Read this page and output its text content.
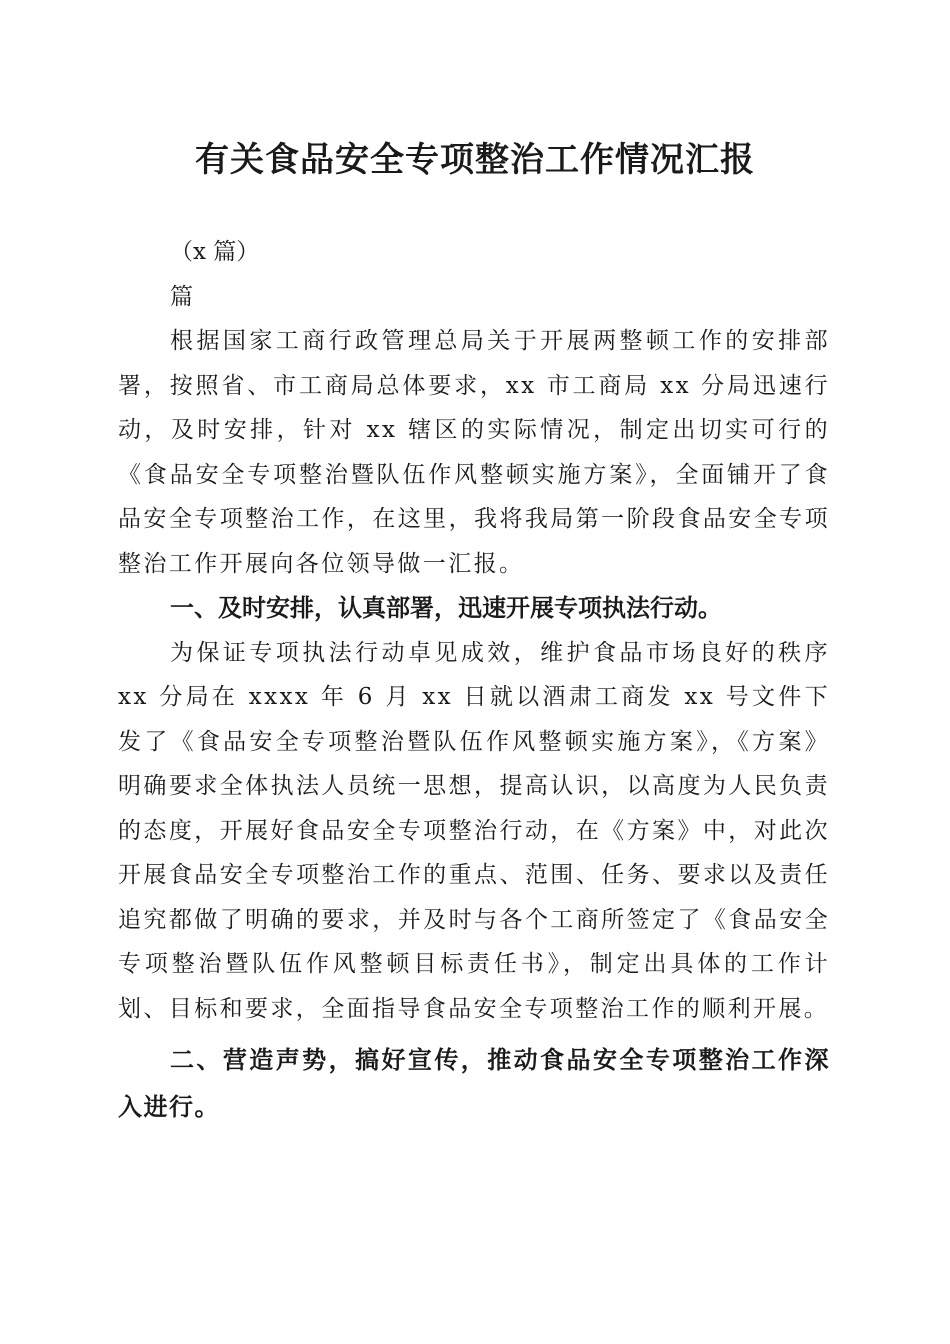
有关食品安全专项整治工作情况汇报

（x 篇）

篇

根据国家工商行政管理总局关于开展两整顿工作的安排部署，按照省、市工商局总体要求，xx 市工商局 xx 分局迅速行动，及时安排，针对 xx 辖区的实际情况，制定出切实可行的《食品安全专项整治暨队伍作风整顿实施方案》，全面铺开了食品安全专项整治工作，在这里，我将我局第一阶段食品安全专项整治工作开展向各位领导做一汇报。

一、及时安排，认真部署，迅速开展专项执法行动。

为保证专项执法行动卓见成效，维护食品市场良好的秩序 xx 分局在 xxxx 年 6 月 xx 日就以酒肃工商发 xx 号文件下发了《食品安全专项整治暨队伍作风整顿实施方案》，《方案》明确要求全体执法人员统一思想，提高认识，以高度为人民负责的态度，开展好食品安全专项整治行动，在《方案》中，对此次开展食品安全专项整治工作的重点、范围、任务、要求以及责任追究都做了明确的要求，并及时与各个工商所签定了《食品安全专项整治暨队伍作风整顿目标责任书》，制定出具体的工作计划、目标和要求，全面指导食品安全专项整治工作的顺利开展。

二、营造声势，搞好宣传，推动食品安全专项整治工作深入进行。
